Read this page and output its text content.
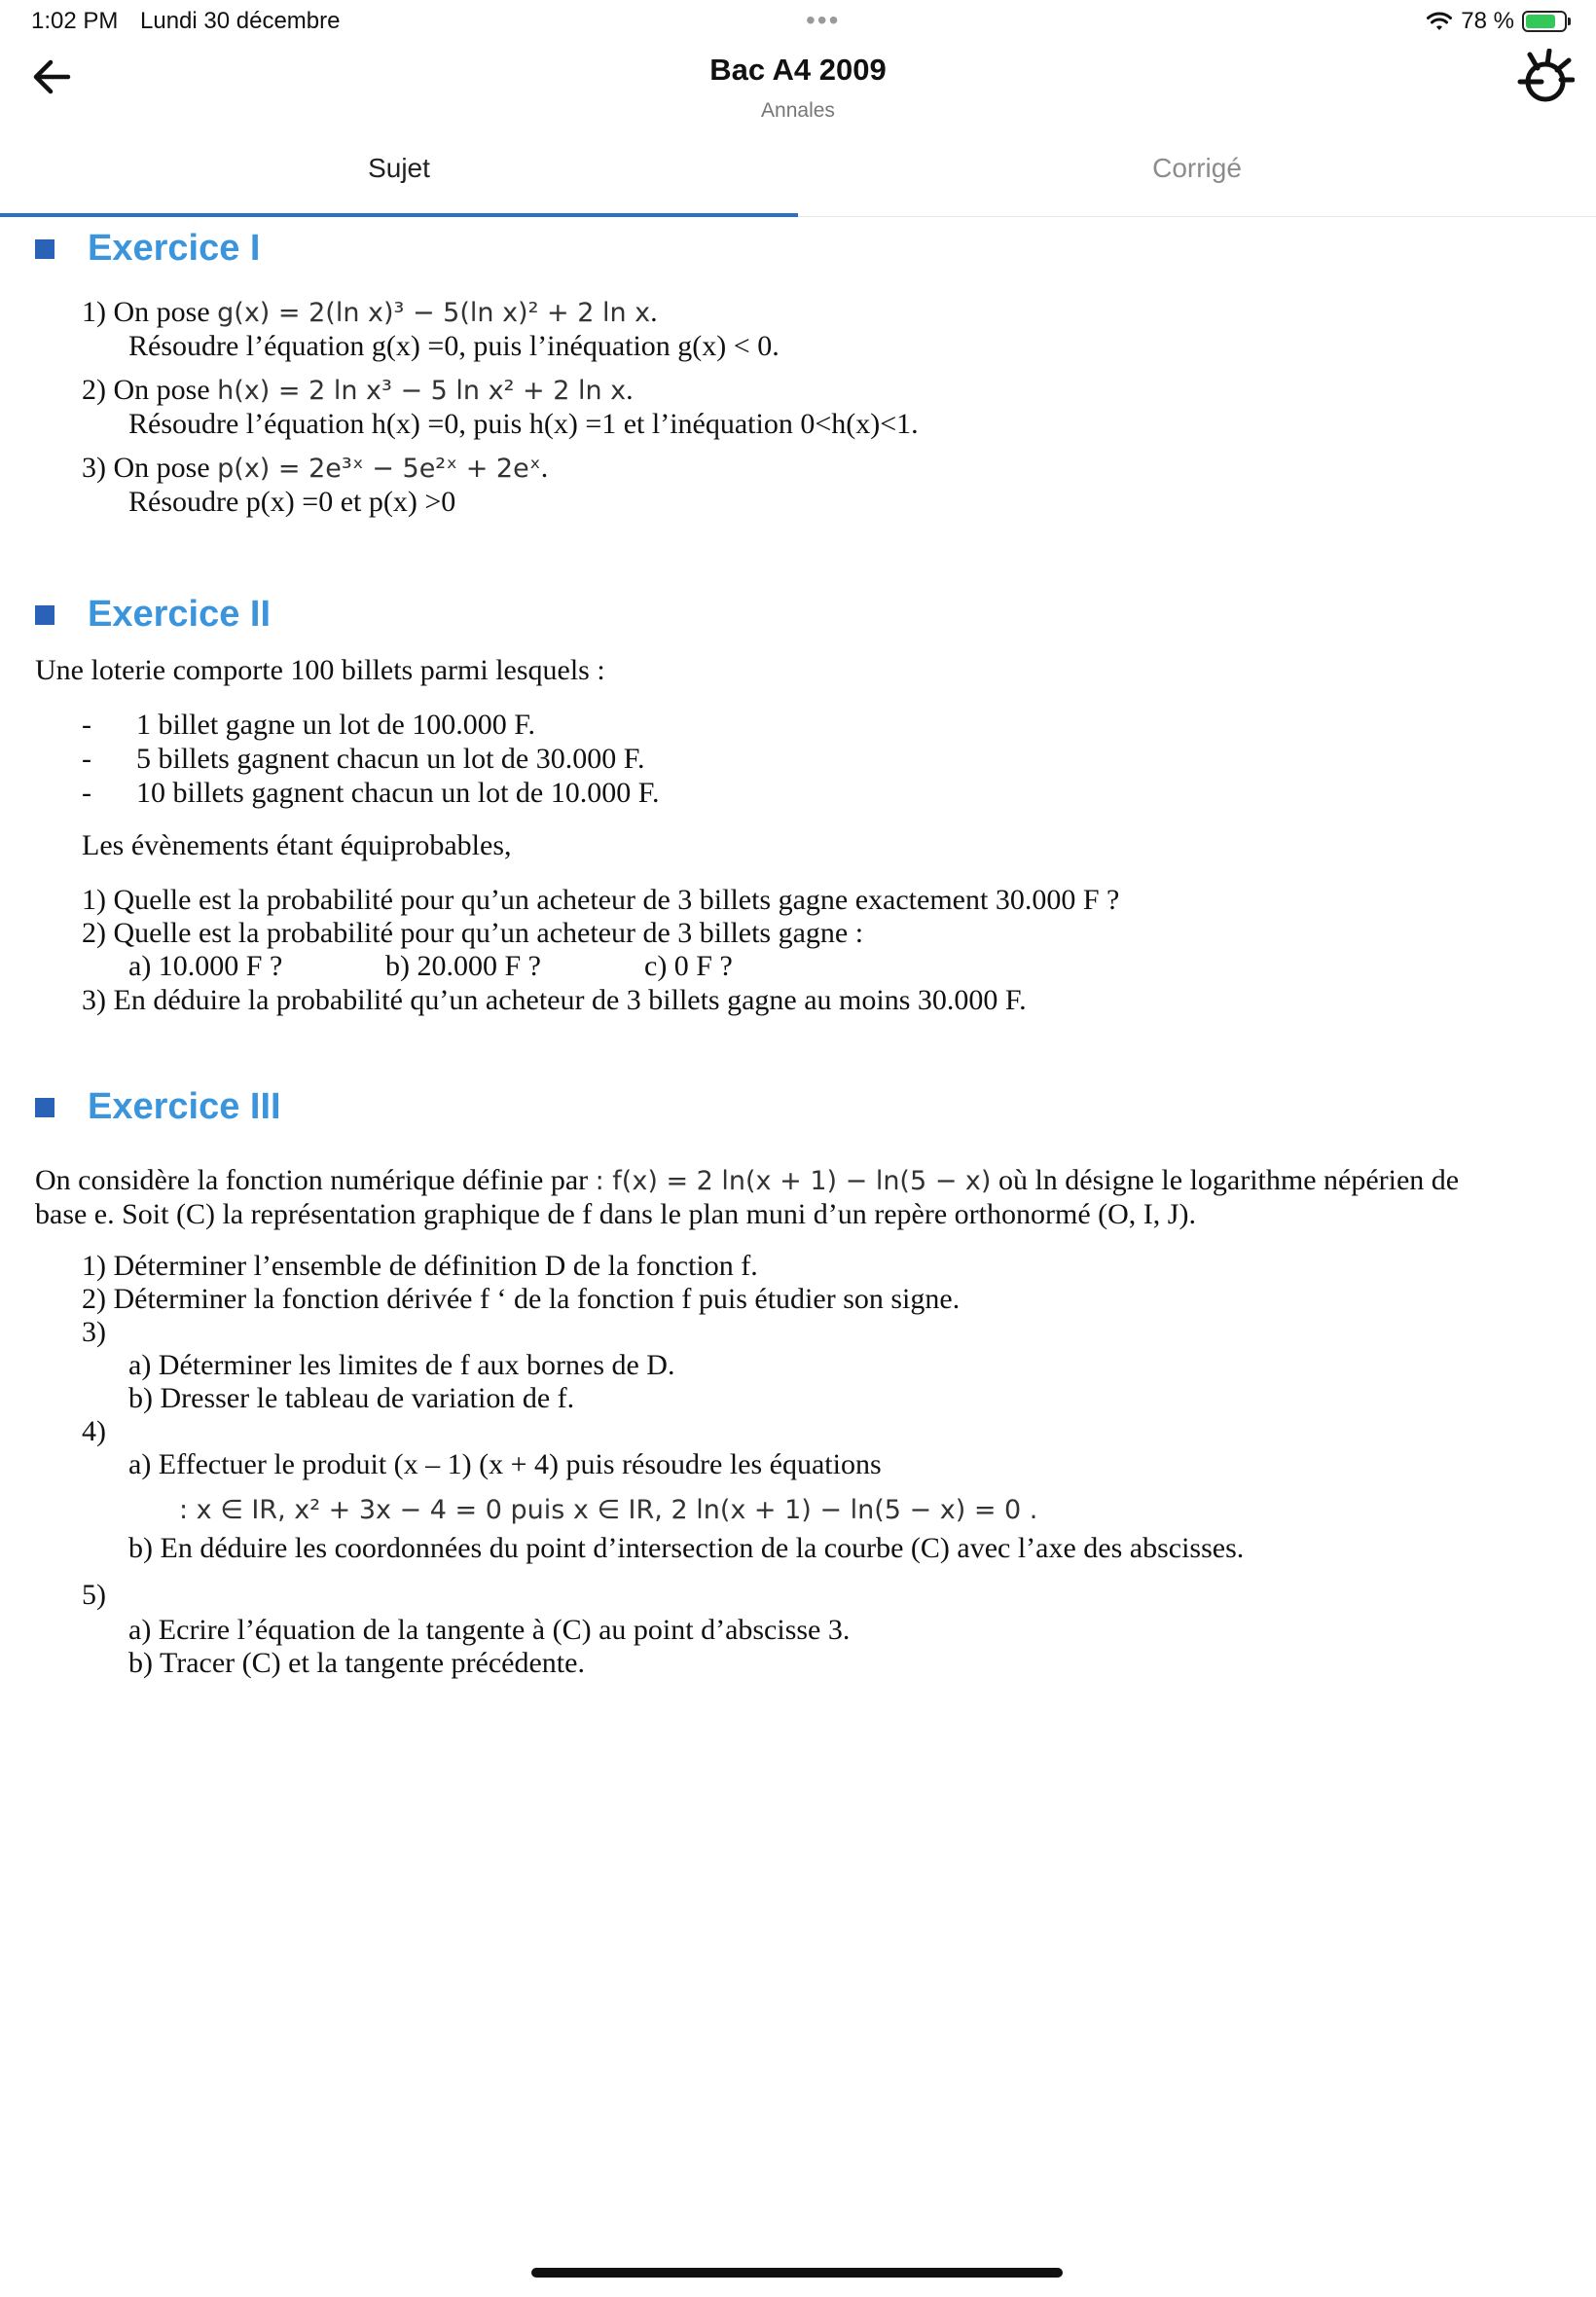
1:02 PM Lundi 30 décembre	•••	78 %
Bac A4 2009
Annales
Sujet	Corrigé
Exercice I
1) On pose g(x) = 2(ln x)³ − 5(ln x)² + 2 ln x.
Résoudre l’équation g(x) =0, puis l’inéquation g(x) < 0.
2) On pose h(x) = 2 ln x³ − 5 ln x² + 2 ln x.
Résoudre l’équation h(x) =0, puis h(x) =1 et l’inéquation 0<h(x)<1.
3) On pose p(x) = 2e³ˣ − 5e²ˣ + 2eˣ.
Résoudre p(x) =0 et p(x) >0
Exercice II
Une loterie comporte 100 billets parmi lesquels :
- 1 billet gagne un lot de 100.000 F.
- 5 billets gagnent chacun un lot de 30.000 F.
- 10 billets gagnent chacun un lot de 10.000 F.
Les évènements étant équiprobables,
1) Quelle est la probabilité pour qu’un acheteur de 3 billets gagne exactement 30.000 F ?
2) Quelle est la probabilité pour qu’un acheteur de 3 billets gagne :
a) 10.000 F ?	b) 20.000 F ?	c) 0 F ?
3) En déduire la probabilité qu’un acheteur de 3 billets gagne au moins 30.000 F.
Exercice III
On considère la fonction numérique définie par : f(x) = 2 ln(x + 1) − ln(5 − x) où ln désigne le logarithme népérien de
base e. Soit (C) la représentation graphique de f dans le plan muni d’un repère orthonormé (O, I, J).
1) Déterminer l’ensemble de définition D de la fonction f.
2) Déterminer la fonction dérivée f ‘ de la fonction f puis étudier son signe.
3)
a) Déterminer les limites de f aux bornes de D.
b) Dresser le tableau de variation de f.
4)
a) Effectuer le produit (x – 1) (x + 4) puis résoudre les équations
: x ∈ IR, x² + 3x − 4 = 0 puis x ∈ IR, 2 ln(x + 1) − ln(5 − x) = 0 .
b) En déduire les coordonnées du point d’intersection de la courbe (C) avec l’axe des abscisses.
5)
a) Ecrire l’équation de la tangente à (C) au point d’abscisse 3.
b) Tracer (C) et la tangente précédente.
